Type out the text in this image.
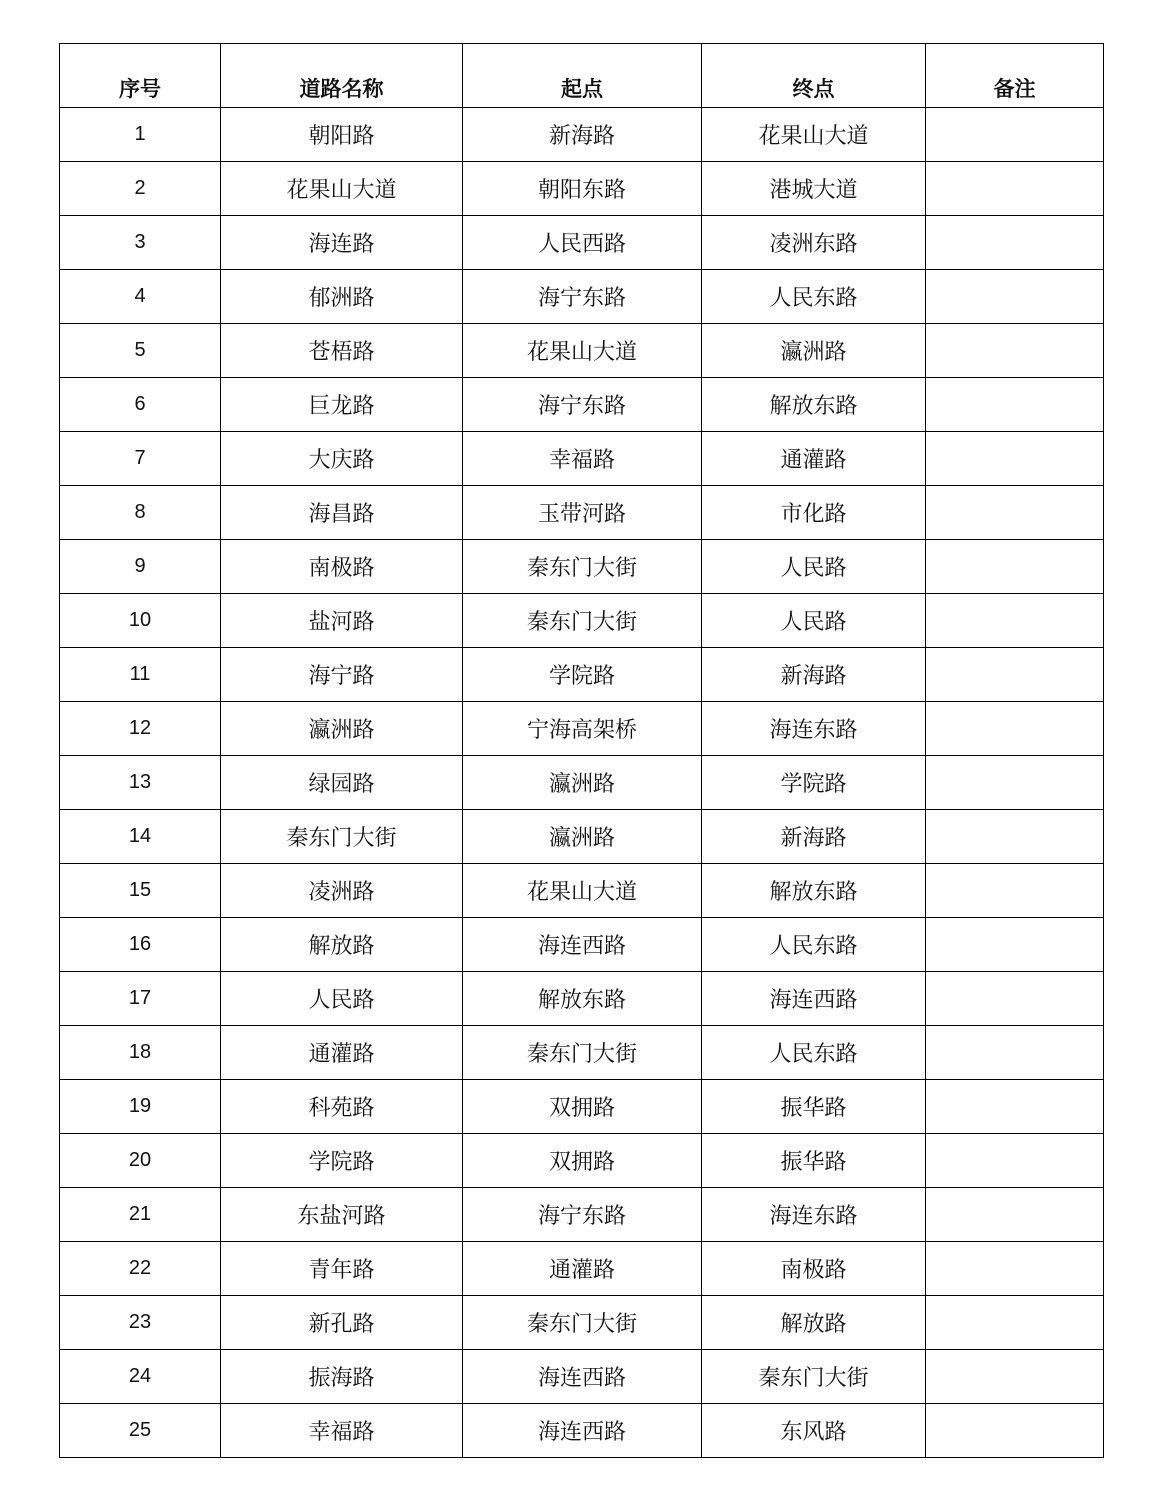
序号	道路名称	起点	终点	备注
1	朝阳路	新海路	花果山大道	
2	花果山大道	朝阳东路	港城大道	
3	海连路	人民西路	凌洲东路	
4	郁洲路	海宁东路	人民东路	
5	苍梧路	花果山大道	瀛洲路	
6	巨龙路	海宁东路	解放东路	
7	大庆路	幸福路	通灌路	
8	海昌路	玉带河路	市化路	
9	南极路	秦东门大街	人民路	
10	盐河路	秦东门大街	人民路	
11	海宁路	学院路	新海路	
12	瀛洲路	宁海高架桥	海连东路	
13	绿园路	瀛洲路	学院路	
14	秦东门大街	瀛洲路	新海路	
15	凌洲路	花果山大道	解放东路	
16	解放路	海连西路	人民东路	
17	人民路	解放东路	海连西路	
18	通灌路	秦东门大街	人民东路	
19	科苑路	双拥路	振华路	
20	学院路	双拥路	振华路	
21	东盐河路	海宁东路	海连东路	
22	青年路	通灌路	南极路	
23	新孔路	秦东门大街	解放路	
24	振海路	海连西路	秦东门大街	
25	幸福路	海连西路	东风路	
